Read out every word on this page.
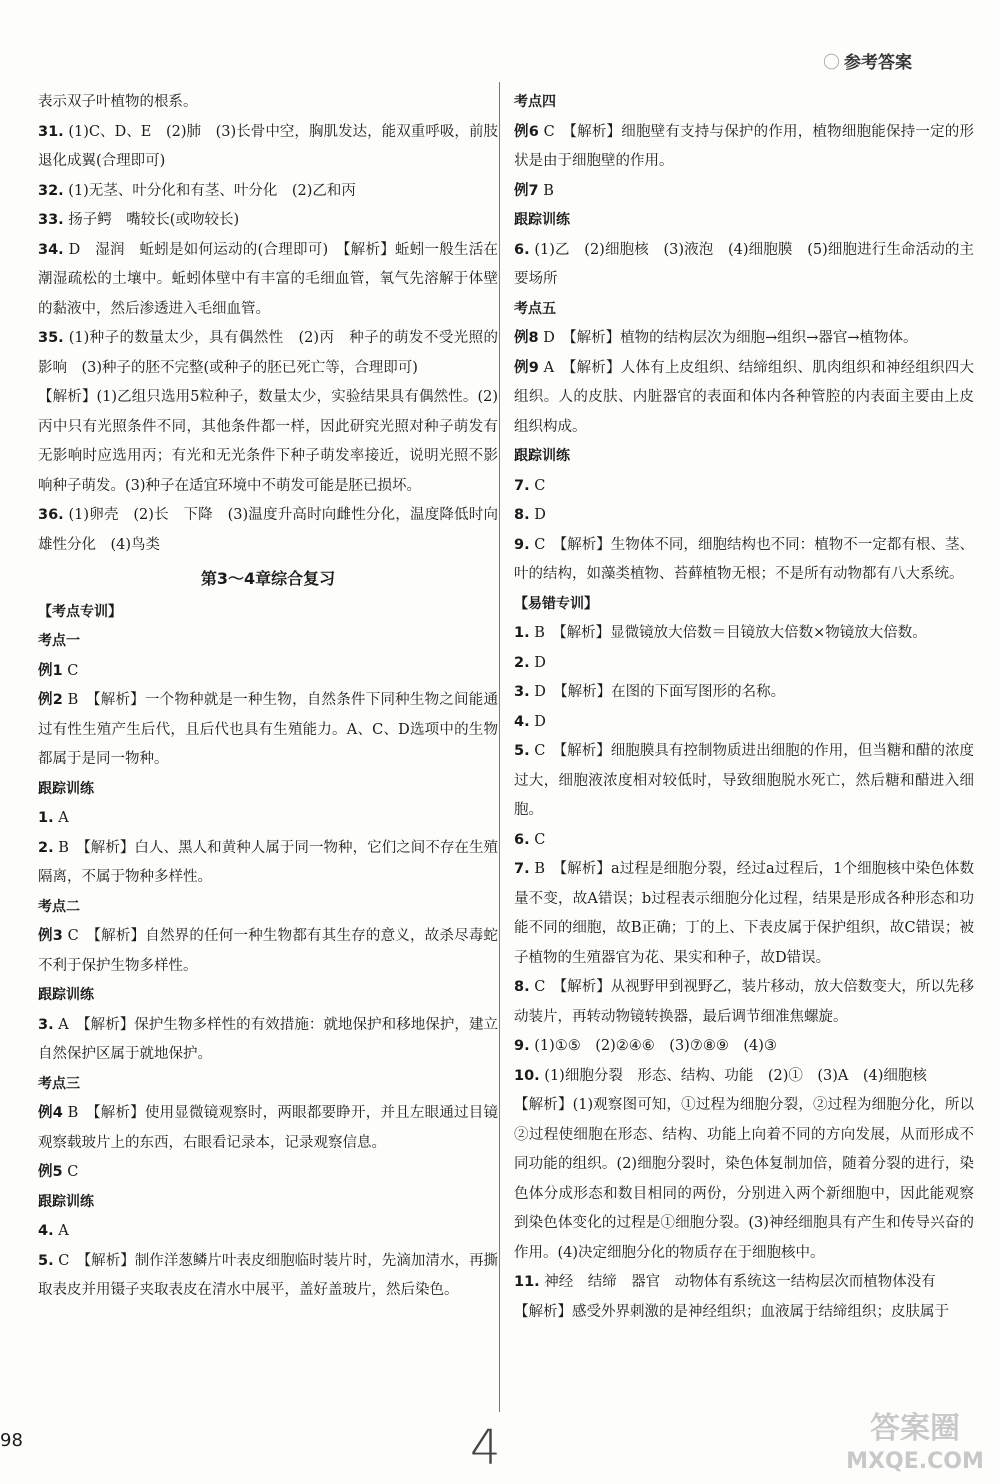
〇 参考答案
表示双子叶植物的根系。
31. (1)C、D、E　(2)肺　(3)长骨中空，胸肌发达，能双重呼吸，前肢退化成翼(合理即可)
32. (1)无茎、叶分化和有茎、叶分化　(2)乙和丙
33. 扬子鳄　嘴较长(或吻较长)
34. D　湿润　蚯蚓是如何运动的(合理即可)　【解析】蚯蚓一般生活在潮湿疏松的土壤中。蚯蚓体壁中有丰富的毛细血管，氧气先溶解于体壁的黏液中，然后渗透进入毛细血管。
35. (1)种子的数量太少，具有偶然性　(2)丙　种子的萌发不受光照的影响　(3)种子的胚不完整(或种子的胚已死亡等，合理即可)
【解析】(1)乙组只选用5粒种子，数量太少，实验结果具有偶然性。(2)丙中只有光照条件不同，其他条件都一样，因此研究光照对种子萌发有无影响时应选用丙；有光和无光条件下种子萌发率接近，说明光照不影响种子萌发。(3)种子在适宜环境中不萌发可能是胚已损坏。
36. (1)卵壳　(2)长　下降　(3)温度升高时向雌性分化，温度降低时向雄性分化　(4)鸟类
第3～4章综合复习
【考点专训】
考点一
例1 C
例2 B　【解析】一个物种就是一种生物，自然条件下同种生物之间能通过有性生殖产生后代，且后代也具有生殖能力。A、C、D选项中的生物都属于是同一物种。
跟踪训练
1. A
2. B　【解析】白人、黑人和黄种人属于同一物种，它们之间不存在生殖隔离，不属于物种多样性。
考点二
例3 C　【解析】自然界的任何一种生物都有其生存的意义，故杀尽毒蛇不利于保护生物多样性。
跟踪训练
3. A　【解析】保护生物多样性的有效措施：就地保护和移地保护，建立自然保护区属于就地保护。
考点三
例4 B　【解析】使用显微镜观察时，两眼都要睁开，并且左眼通过目镜观察载玻片上的东西，右眼看记录本，记录观察信息。
例5 C
跟踪训练
4. A
5. C　【解析】制作洋葱鳞片叶表皮细胞临时装片时，先滴加清水，再撕取表皮并用镊子夹取表皮在清水中展平，盖好盖玻片，然后染色。
考点四
例6 C　【解析】细胞壁有支持与保护的作用，植物细胞能保持一定的形状是由于细胞壁的作用。
例7 B
跟踪训练
6. (1)乙　(2)细胞核　(3)液泡　(4)细胞膜　(5)细胞进行生命活动的主要场所
考点五
例8 D　【解析】植物的结构层次为细胞→组织→器官→植物体。
例9 A　【解析】人体有上皮组织、结缔组织、肌肉组织和神经组织四大组织。人的皮肤、内脏器官的表面和体内各种管腔的内表面主要由上皮组织构成。
跟踪训练
7. C
8. D
9. C　【解析】生物体不同，细胞结构也不同：植物不一定都有根、茎、叶的结构，如藻类植物、苔藓植物无根；不是所有动物都有八大系统。
【易错专训】
1. B　【解析】显微镜放大倍数＝目镜放大倍数×物镜放大倍数。
2. D
3. D　【解析】在图的下面写图形的名称。
4. D
5. C　【解析】细胞膜具有控制物质进出细胞的作用，但当糖和醋的浓度过大，细胞液浓度相对较低时，导致细胞脱水死亡，然后糖和醋进入细胞。
6. C
7. B　【解析】a过程是细胞分裂，经过a过程后，1个细胞核中染色体数量不变，故A错误；b过程表示细胞分化过程，结果是形成各种形态和功能不同的细胞，故B正确；丁的上、下表皮属于保护组织，故C错误；被子植物的生殖器官为花、果实和种子，故D错误。
8. C　【解析】从视野甲到视野乙，装片移动，放大倍数变大，所以先移动装片，再转动物镜转换器，最后调节细准焦螺旋。
9. (1)①⑤　(2)②④⑥　(3)⑦⑧⑨　(4)③
10. (1)细胞分裂　形态、结构、功能　(2)①　(3)A　(4)细胞核
【解析】(1)观察图可知，①过程为细胞分裂，②过程为细胞分化，所以②过程使细胞在形态、结构、功能上向着不同的方向发展，从而形成不同功能的组织。(2)细胞分裂时，染色体复制加倍，随着分裂的进行，染色体分成形态和数目相同的两份，分别进入两个新细胞中，因此能观察到染色体变化的过程是①细胞分裂。(3)神经细胞具有产生和传导兴奋的作用。(4)决定细胞分化的物质存在于细胞核中。
11. 神经　结缔　器官　动物体有系统这一结构层次而植物体没有
【解析】感受外界刺激的是神经组织；血液属于结缔组织；皮肤属于
98	4	答案圈
MXQE.COM
